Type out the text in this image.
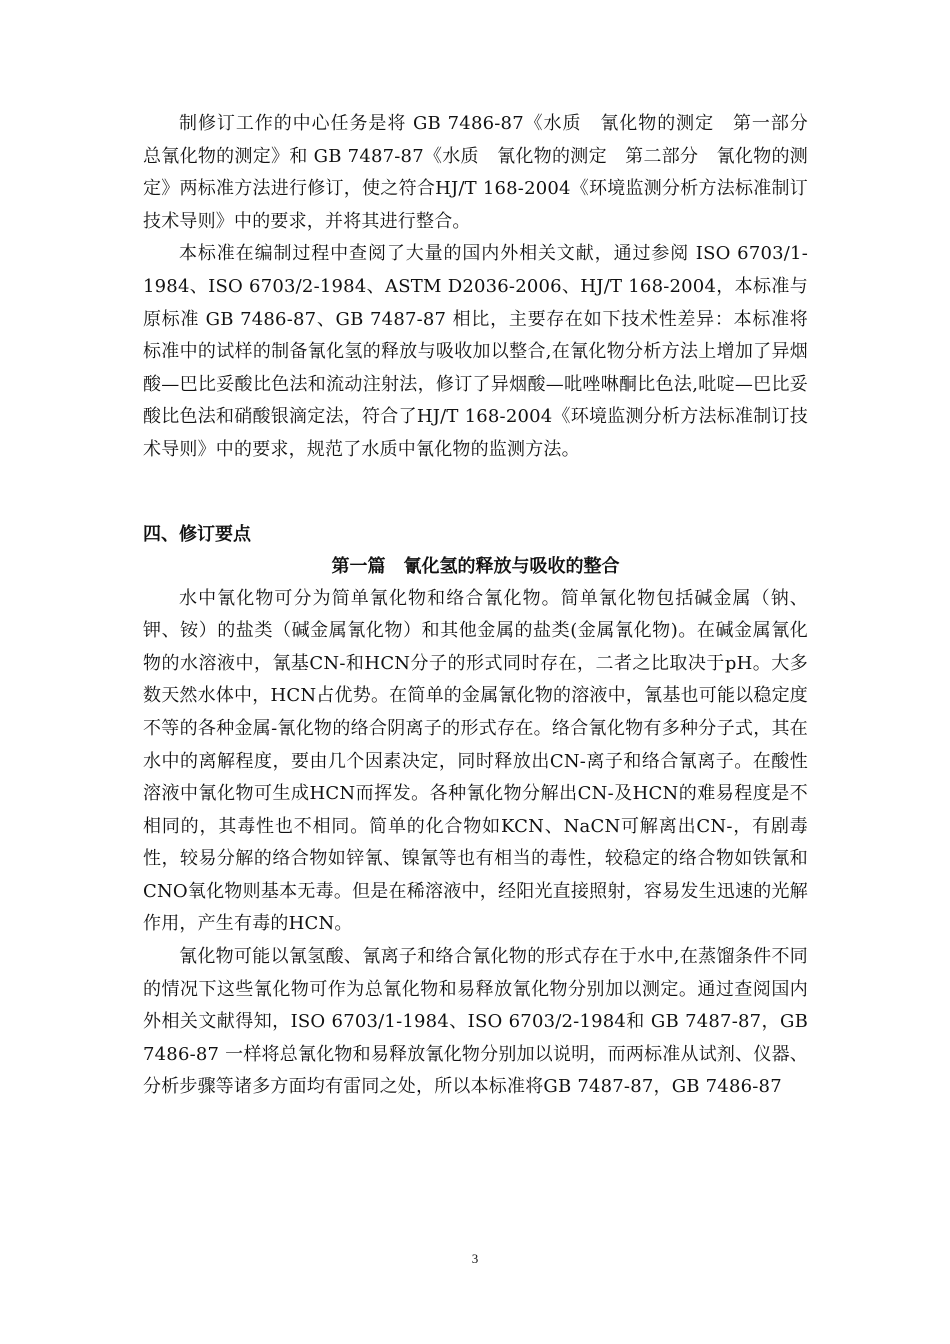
制修订工作的中心任务是将 GB 7486-87《水质　氰化物的测定　第一部分 总氰化物的测定》和 GB 7487-87《水质　氰化物的测定　第二部分　氰化物的测定》两标准方法进行修订，使之符合HJ/T 168-2004《环境监测分析方法标准制订技术导则》中的要求，并将其进行整合。

本标准在编制过程中查阅了大量的国内外相关文献，通过参阅 ISO 6703/1-1984、ISO 6703/2-1984、ASTM D2036-2006、HJ/T 168-2004，本标准与原标准 GB 7486-87、GB 7487-87 相比，主要存在如下技术性差异：本标准将标准中的试样的制备氰化氢的释放与吸收加以整合,在氰化物分析方法上增加了异烟酸—巴比妥酸比色法和流动注射法，修订了异烟酸—吡唑啉酮比色法,吡啶—巴比妥酸比色法和硝酸银滴定法，符合了HJ/T 168-2004《环境监测分析方法标准制订技术导则》中的要求，规范了水质中氰化物的监测方法。

四、修订要点
第一篇　氰化氢的释放与吸收的整合

水中氰化物可分为简单氰化物和络合氰化物。简单氰化物包括碱金属（钠、钾、铵）的盐类（碱金属氰化物）和其他金属的盐类(金属氰化物)。在碱金属氰化物的水溶液中，氰基CN-和HCN分子的形式同时存在，二者之比取决于pH。大多数天然水体中，HCN占优势。在简单的金属氰化物的溶液中，氰基也可能以稳定度不等的各种金属-氰化物的络合阴离子的形式存在。络合氰化物有多种分子式，其在水中的离解程度，要由几个因素决定，同时释放出CN-离子和络合氰离子。在酸性溶液中氰化物可生成HCN而挥发。各种氰化物分解出CN-及HCN的难易程度是不相同的，其毒性也不相同。简单的化合物如KCN、NaCN可解离出CN-，有剧毒性，较易分解的络合物如锌氰、镍氰等也有相当的毒性，较稳定的络合物如铁氰和CNO氧化物则基本无毒。但是在稀溶液中，经阳光直接照射，容易发生迅速的光解作用，产生有毒的HCN。

氰化物可能以氰氢酸、氰离子和络合氰化物的形式存在于水中,在蒸馏条件不同的情况下这些氰化物可作为总氰化物和易释放氰化物分别加以测定。通过查阅国内外相关文献得知，ISO 6703/1-1984、ISO 6703/2-1984和 GB 7487-87，GB 7486-87 一样将总氰化物和易释放氰化物分别加以说明，而两标准从试剂、仪器、分析步骤等诸多方面均有雷同之处，所以本标准将GB 7487-87，GB 7486-87

3
